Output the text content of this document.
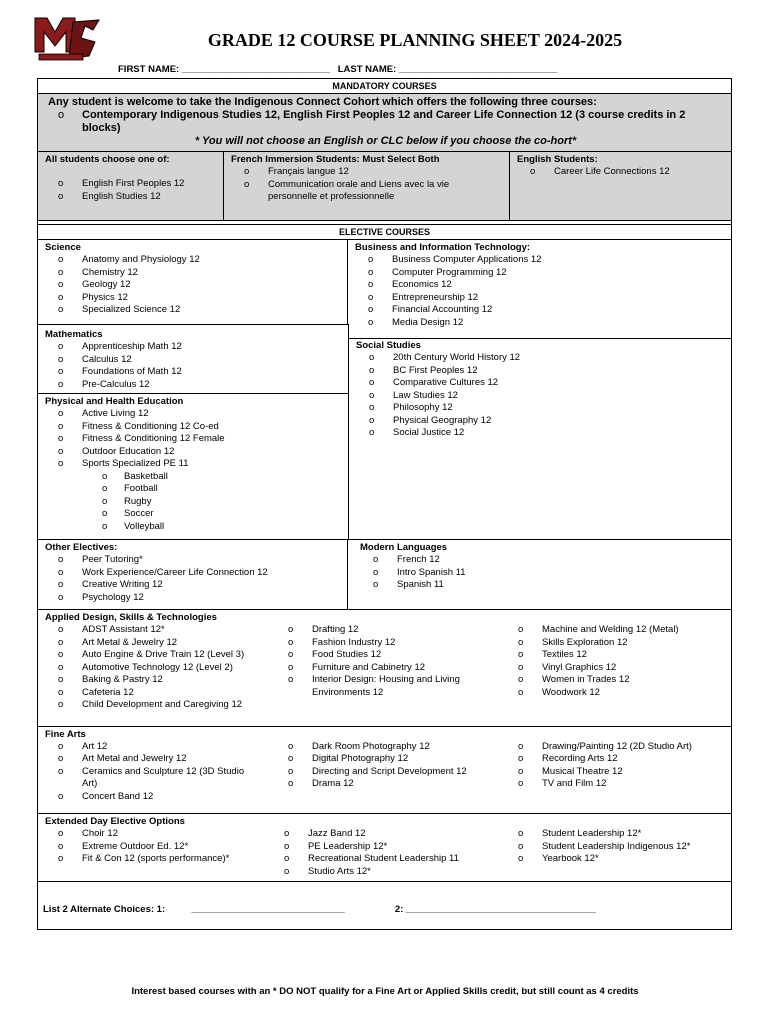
GRADE 12 COURSE PLANNING SHEET 2024-2025
FIRST NAME: ____________________________ LAST NAME: ______________________________
MANDATORY COURSES
Any student is welcome to take the Indigenous Connect Cohort which offers the following three courses:
o	Contemporary Indigenous Studies 12, English First Peoples 12 and Career Life Connection 12 (3 course credits in 2 blocks)
* You will not choose an English or CLC below if you choose the co-hort*
All students choose one of:
o	English First Peoples 12
o	English Studies 12
French Immersion Students: Must Select Both
o	Français langue 12
o	Communication orale and Liens avec la vie personnelle et professionnelle
English Students:
o	Career Life Connections 12
ELECTIVE COURSES
Science
o	Anatomy and Physiology 12
o	Chemistry 12
o	Geology 12
o	Physics 12
o	Specialized Science 12
Business and Information Technology:
o	Business Computer Applications 12
o	Computer Programming 12
o	Economics 12
o	Entrepreneurship 12
o	Financial Accounting 12
o	Media Design 12
Mathematics
o	Apprenticeship Math 12
o	Calculus 12
o	Foundations of Math 12
o	Pre-Calculus 12
Physical and Health Education
o	Active Living 12
o	Fitness & Conditioning 12 Co-ed
o	Fitness & Conditioning 12 Female
o	Outdoor Education 12
o	Sports Specialized PE 11
o	Basketball
o	Football
o	Rugby
o	Soccer
o	Volleyball
Social Studies
o	20th Century World History 12
o	BC First Peoples 12
o	Comparative Cultures 12
o	Law Studies 12
o	Philosophy 12
o	Physical Geography 12
o	Social Justice 12
Other Electives:
o	Peer Tutoring*
o	Work Experience/Career Life Connection 12
o	Creative Writing 12
o	Psychology 12
Modern Languages
o	French 12
o	Intro Spanish 11
o	Spanish 11
Applied Design, Skills & Technologies
o	ADST Assistant 12*
o	Art Metal & Jewelry 12
o	Auto Engine & Drive Train 12 (Level 3)
o	Automotive Technology 12 (Level 2)
o	Baking & Pastry 12
o	Cafeteria 12
o	Child Development and Caregiving 12
o	Drafting 12
o	Fashion Industry 12
o	Food Studies 12
o	Furniture and Cabinetry 12
o	Interior Design: Housing and Living Environments 12
o	Machine and Welding 12 (Metal)
o	Skills Exploration 12
o	Textiles 12
o	Vinyl Graphics 12
o	Women in Trades 12
o	Woodwork 12
Fine Arts
o	Art 12
o	Art Metal and Jewelry 12
o	Ceramics and Sculpture 12 (3D Studio Art)
o	Concert Band 12
o	Dark Room Photography 12
o	Digital Photography 12
o	Directing and Script Development 12
o	Drama 12
o	Drawing/Painting 12 (2D Studio Art)
o	Recording Arts 12
o	Musical Theatre 12
o	TV and Film 12
Extended Day Elective Options
o	Choir 12
o	Extreme Outdoor Ed. 12*
o	Fit & Con 12 (sports performance)*
o	Jazz Band 12
o	PE Leadership 12*
o	Recreational Student Leadership 11
o	Studio Arts 12*
o	Student Leadership 12*
o	Student Leadership Indigenous 12*
o	Yearbook 12*
List 2 Alternate Choices: 1:	_____________________________	2: ____________________________________
Interest based courses with an * DO NOT qualify for a Fine Art or Applied Skills credit, but still count as 4 credits
